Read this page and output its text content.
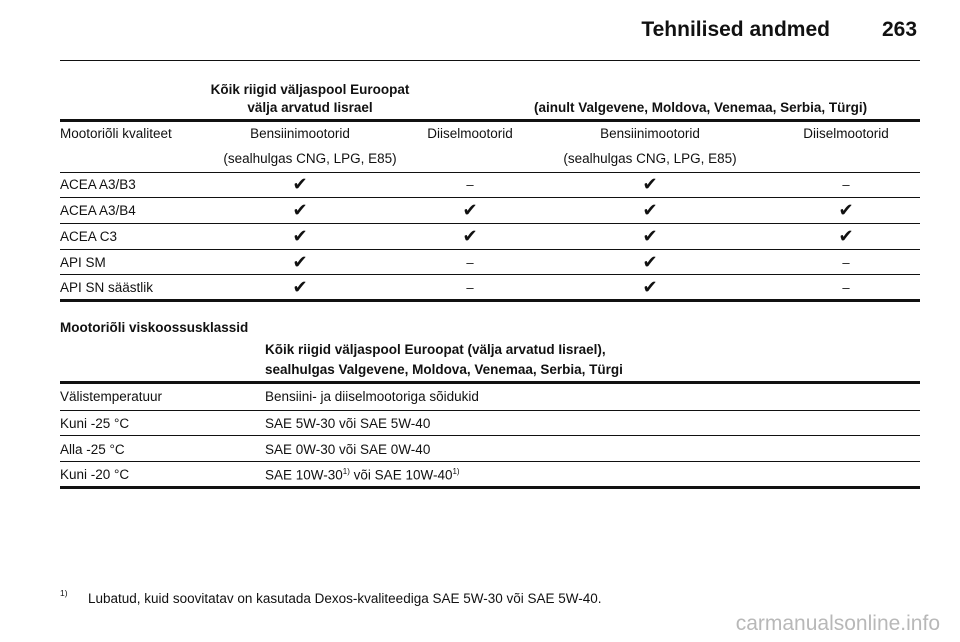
Tehnilised andmed 263
Kõik riigid väljaspool Euroopat
välja arvatud Iisrael	(ainult Valgevene, Moldova, Venemaa, Serbia, Türgi)
Mootoriõli kvaliteet	Bensiinimootorid	Diiselmootorid	Bensiinimootorid	Diiselmootorid
(sealhulgas CNG, LPG, E85)	(sealhulgas CNG, LPG, E85)
ACEA A3/B3	✔	–	✔	–
ACEA A3/B4	✔	✔	✔	✔
ACEA C3	✔	✔	✔	✔
API SM	✔	–	✔	–
API SN säästlik	✔	–	✔	–
Mootoriõli viskoossusklassid
Kõik riigid väljaspool Euroopat (välja arvatud Iisrael),
sealhulgas Valgevene, Moldova, Venemaa, Serbia, Türgi
Välistemperatuur	Bensiini- ja diiselmootoriga sõidukid
Kuni -25 °C	SAE 5W-30 või SAE 5W-40
Alla -25 °C	SAE 0W-30 või SAE 0W-40
Kuni -20 °C	SAE 10W-30$^{1)}$ või SAE 10W-40$^{1)}$
1) Lubatud, kuid soovitatav on kasutada Dexos-kvaliteediga SAE 5W-30 või SAE 5W-40.
carmanualsonline.info
